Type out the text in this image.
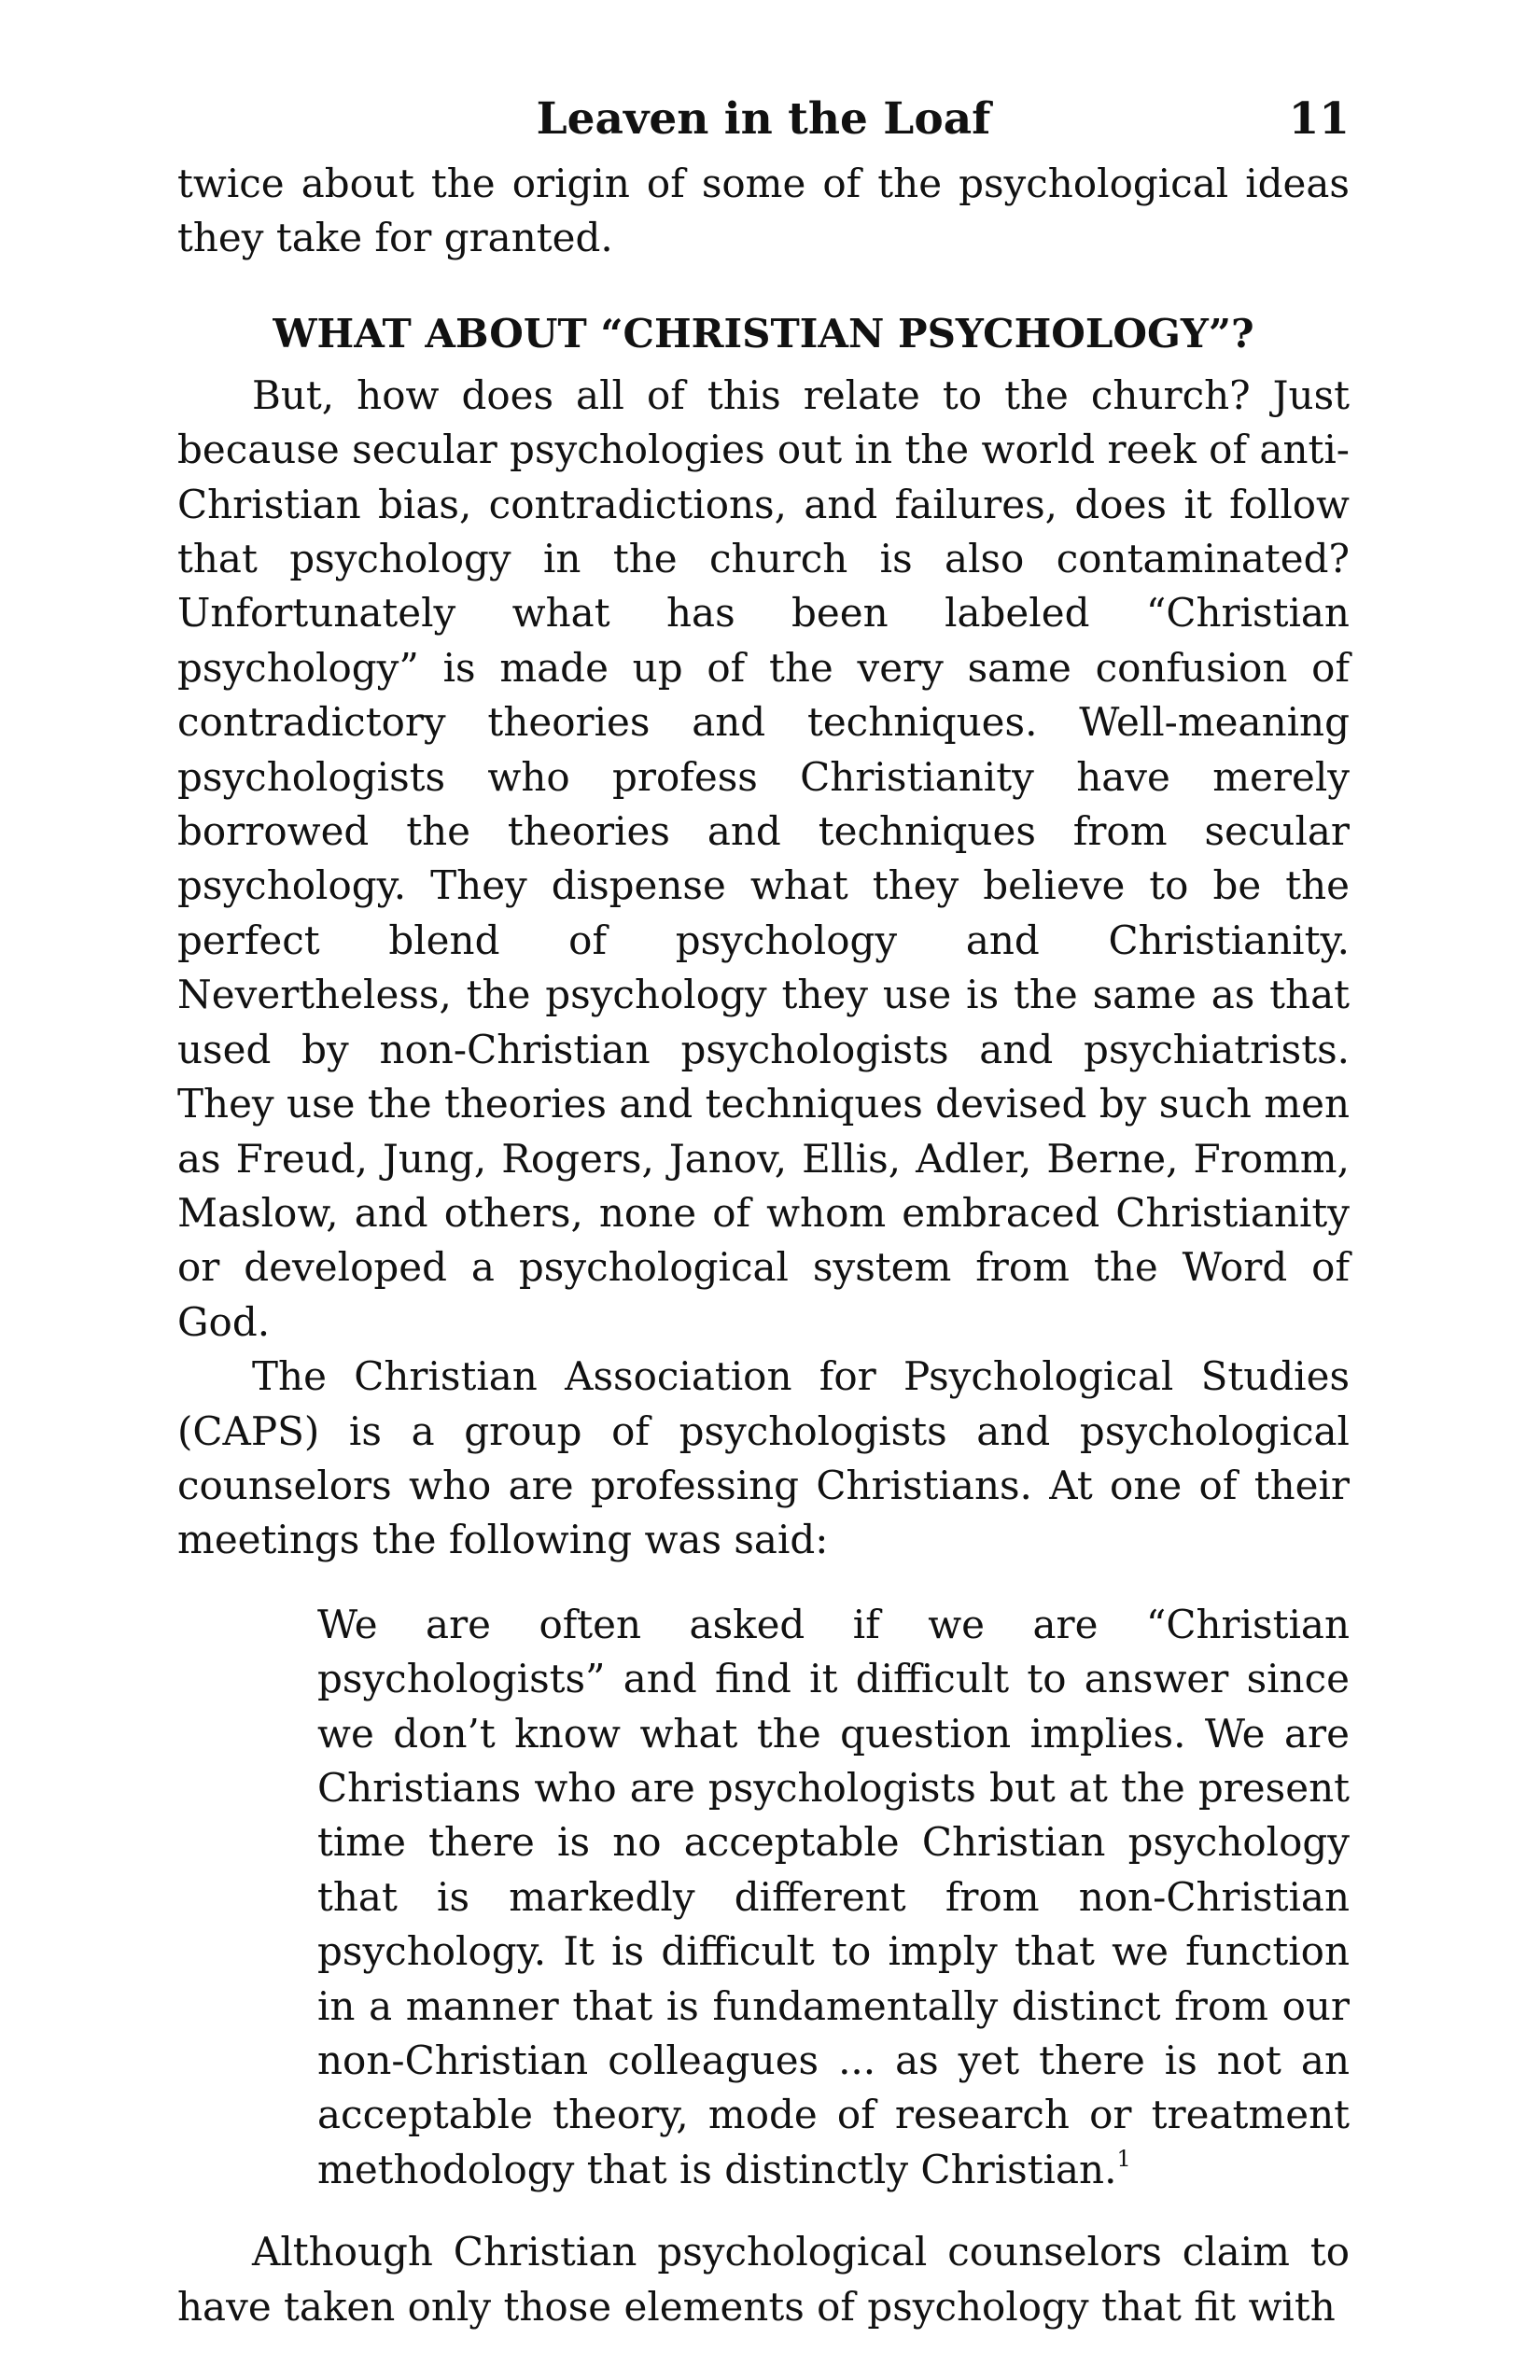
Leaven in the Loaf	11

twice about the origin of some of the psychological ideas they take for granted.

WHAT ABOUT “CHRISTIAN PSYCHOLOGY”?

But, how does all of this relate to the church? Just because secular psychologies out in the world reek of anti-Christian bias, contradictions, and failures, does it follow that psychology in the church is also contaminated? Unfortunately what has been labeled “Christian psychology” is made up of the very same confusion of contradictory theories and techniques. Well-meaning psychologists who profess Christianity have merely borrowed the theories and techniques from secular psychology. They dispense what they believe to be the perfect blend of psychology and Christianity. Nevertheless, the psychology they use is the same as that used by non-Christian psychologists and psychiatrists. They use the theories and techniques devised by such men as Freud, Jung, Rogers, Janov, Ellis, Adler, Berne, Fromm, Maslow, and others, none of whom embraced Christianity or developed a psychological system from the Word of God.

The Christian Association for Psychological Studies (CAPS) is a group of psychologists and psychological counselors who are professing Christians. At one of their meetings the following was said:

We are often asked if we are “Christian psychologists” and find it difficult to answer since we don’t know what the question implies. We are Christians who are psychologists but at the present time there is no acceptable Christian psychology that is markedly different from non-Christian psychology. It is difficult to imply that we function in a manner that is fundamentally distinct from our non-Christian colleagues ... as yet there is not an acceptable theory, mode of research or treatment methodology that is distinctly Christian.$^1$

Although Christian psychological counselors claim to have taken only those elements of psychology that fit with
